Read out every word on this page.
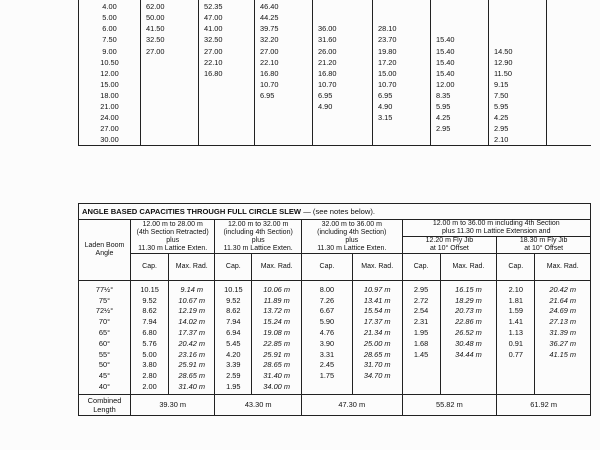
4.00	62.00	52.35	46.40					
5.00	50.00	47.00	44.25					
6.00	41.50	41.00	39.75	36.00	28.10			
7.50	32.50	32.50	32.20	31.60	23.70	15.40		
9.00	27.00	27.00	27.00	26.00	19.80	15.40	14.50	
10.50		22.10	22.10	21.20	17.20	15.40	12.90	
12.00		16.80	16.80	16.80	15.00	15.40	11.50	
15.00			10.70	10.70	10.70	12.00	9.15	
18.00			6.95	6.95	6.95	8.35	7.50	
21.00				4.90	4.90	5.95	5.95	
24.00					3.15	4.25	4.25	
27.00						2.95	2.95	
30.00							2.10	
ANGLE BASED CAPACITIES THROUGH FULL CIRCLE SLEW — (see notes below).										
Laden Boom Angle	12.00 m to 28.00 m
(4th Section Retracted)
plus
11.30 m Lattice Exten.		12.00 m to 32.00 m
(including 4th Section)
plus
11.30 m Lattice Exten.		32.00 m to 36.00 m
(including 4th Section)
plus
11.30 m Lattice Exten.		12.00 m to 36.00 m including 4th Section
plus 11.30 m Lattice Extension and			
							12.20 m Fly Jib
at 10° Offset		18.30 m Fly Jib
at 10° Offset	
	Cap.	Max. Rad.	Cap.	Max. Rad.	Cap.	Max. Rad.	Cap.	Max. Rad.	Cap.	Max. Rad.
77½°	10.15	9.14 m	10.15	10.06 m	8.00	10.97 m	2.95	16.15 m	2.10	20.42 m
75°	9.52	10.67 m	9.52	11.89 m	7.26	13.41 m	2.72	18.29 m	1.81	21.64 m
72½°	8.62	12.19 m	8.62	13.72 m	6.67	15.54 m	2.54	20.73 m	1.59	24.69 m
70°	7.94	14.02 m	7.94	15.24 m	5.90	17.37 m	2.31	22.86 m	1.41	27.13 m
65°	6.80	17.37 m	6.94	19.08 m	4.76	21.34 m	1.95	26.52 m	1.13	31.39 m
60°	5.76	20.42 m	5.45	22.85 m	3.90	25.00 m	1.68	30.48 m	0.91	36.27 m
55°	5.00	23.16 m	4.20	25.91 m	3.31	28.65 m	1.45	34.44 m	0.77	41.15 m
50°	3.80	25.91 m	3.39	28.65 m	2.45	31.70 m				
45°	2.80	28.65 m	2.59	31.40 m	1.75	34.70 m				
40°	2.00	31.40 m	1.95	34.00 m						
Combined Length	39.30 m		43.30 m		47.30 m		55.82 m		61.92 m	
